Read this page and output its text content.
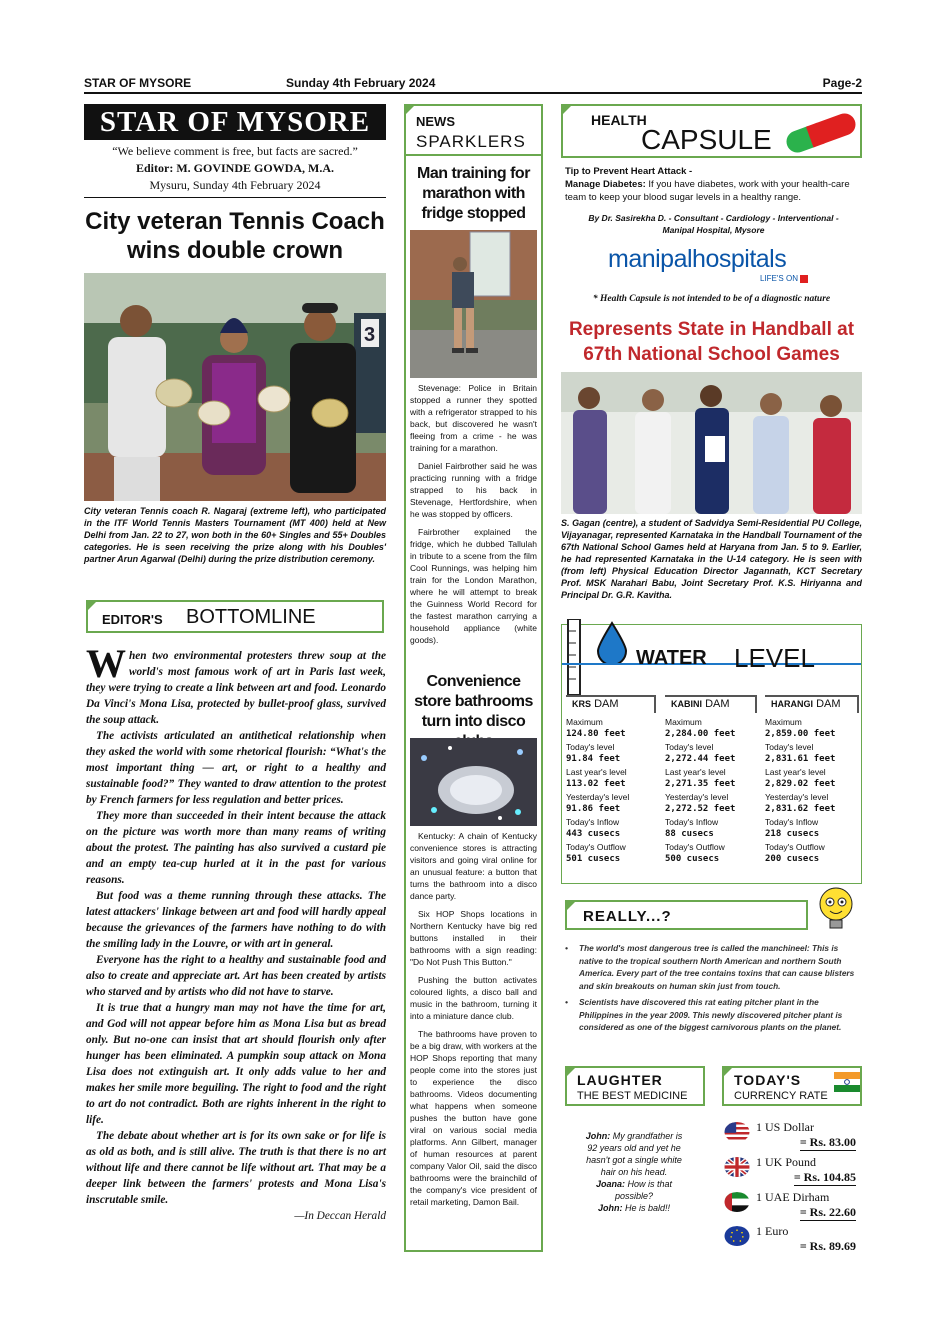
STAR OF MYSORE	Sunday 4th February 2024	Page-2
STAR OF MYSORE
“We believe comment is free, but facts are sacred.”
Editor: M. GOVINDE GOWDA, M.A.
Mysuru, Sunday 4th February 2024
City veteran Tennis Coach
wins double crown
3
City veteran Tennis coach R. Nagaraj (extreme left), who participated in the ITF World Tennis Masters Tournament (MT 400) held at New Delhi from Jan. 22 to 27, won both in the 60+ Singles and 55+ Doubles categories. He is seen receiving the prize along with his Doubles' partner Arun Agarwal (Delhi) during the prize distribution ceremony.
EDITOR'S BOTTOMLINE

When two environmental protesters threw soup at the world's most famous work of art in Paris last week, they were trying to create a link between art and food. Leonardo Da Vinci's Mona Lisa, protected by bullet-proof glass, survived the soup attack.

The activists articulated an antithetical relationship when they asked the world with some rhetorical flourish: “What's the most important thing — art, or right to a healthy and sustainable food?” They wanted to draw attention to the protest by French farmers for less regulation and better prices.

They more than succeeded in their intent because the attack on the picture was worth more than many reams of writing about the protest. The painting has also survived a custard pie and an empty tea-cup hurled at it in the past for various reasons.

But food was a theme running through these attacks. The latest attackers' linkage between art and food will hardly appeal because the grievances of the farmers have nothing to do with the smiling lady in the Louvre, or with art in general.

Everyone has the right to a healthy and sustainable food and also to create and appreciate art. Art has been created by artists who starved and by artists who did not have to starve.

It is true that a hungry man may not have the time for art, and God will not appear before him as Mona Lisa but as bread only. But no-one can insist that art should flourish only after hunger has been eliminated. A pumpkin soup attack on Mona Lisa does not extinguish art. It only adds value to her and makes her smile more beguiling. The right to food and the right to art do not contradict. Both are rights inherent in the right to life.

The debate about whether art is for its own sake or for life is as old as both, and is still alive. The truth is that there is no art without life and there cannot be life without art. That may be a deeper link between the farmers' protests and Mona Lisa's inscrutable smile.

—In Deccan Herald

NEWS
SPARKLERS
Man training for marathon with fridge stopped

Stevenage: Police in Britain stopped a runner they spotted with a refrigerator strapped to his back, but discovered he wasn't fleeing from a crime - he was training for a marathon.

Daniel Fairbrother said he was practicing running with a fridge strapped to his back in Stevenage, Hertfordshire, when he was stopped by officers.

Fairbrother explained the fridge, which he dubbed Tallulah in tribute to a scene from the film Cool Runnings, was helping him train for the London Marathon, where he will attempt to break the Guinness World Record for the fastest marathon carrying a household appliance (white goods).

Convenience store bathrooms turn into disco

Kentucky: A chain of Kentucky convenience stores is attracting visitors and going viral online for an unusual feature: a button that turns the bathroom into a disco dance party.

Six HOP Shops locations in Northern Kentucky have big red buttons installed in their bathrooms with a sign reading: "Do Not Push This Button."

Pushing the button activates coloured lights, a disco ball and music in the bathroom, turning it into a miniature dance club.

The bathrooms have proven to be a big draw, with workers at the HOP Shops reporting that many people come into the stores just to experience the disco bathrooms. Videos documenting what happens when someone pushes the button have gone viral on various social media platforms. Ann Gilbert, manager of human resources at parent company Valor Oil, said the disco bathrooms were the brainchild of the company's vice president of retail marketing, Damon Bail.

HEALTH
CAPSULE
Tip to Prevent Heart Attack -
Manage Diabetes: If you have diabetes, work with your health-care team to keep your blood sugar levels in a healthy range.
By Dr. Sasirekha D. - Consultant - Cardiology - Interventional -
Manipal Hospital, Mysore
manipalhospitals
LIFE'S ON
* Health Capsule is not intended to be of a diagnostic nature
Represents State in Handball at
67th National School Games
S. Gagan (centre), a student of Sadvidya Semi-Residential PU College, Vijayanagar, represented Karnataka in the Handball Tournament of the 67th National School Games held at Haryana from Jan. 5 to 9. Earlier, he had represented Karnataka in the U-14 category. He is seen with (from left) Physical Education Director Jagannath, KCT Secretary Prof. MSK Narahari Babu, Joint Secretary Prof. K.S. Hiriyanna and Principal Dr. G.R. Kavitha.
WATER LEVEL
KRS DAM
Maximum
124.80 feet
Today's level
91.84 feet
Last year's level
113.02 feet
Yesterday's level
91.86 feet
Today's Inflow
443 cusecs
Today's Outflow
501 cusecs
KABINI DAM
Maximum
2,284.00 feet
Today's level
2,272.44 feet
Last year's level
2,271.35 feet
Yesterday's level
2,272.52 feet
Today's Inflow
88 cusecs
Today's Outflow
500 cusecs
HARANGI DAM
Maximum
2,859.00 feet
Today's level
2,831.61 feet
Last year's level
2,829.02 feet
Yesterday's level
2,831.62 feet
Today's Inflow
218 cusecs
Today's Outflow
200 cusecs
REALLY...?
• The world's most dangerous tree is called the manchineel: This is native to the tropical southern North American and northern South America. Every part of the tree contains toxins that can cause blisters and skin breakouts on human skin just from touch.
• Scientists have discovered this rat eating pitcher plant in the Philippines in the year 2009. This newly discovered pitcher plant is considered as one of the biggest carnivorous plants on the planet.
LAUGHTER
THE BEST MEDICINE
John: My grandfather is 92 years old and yet he hasn't got a single white hair on his head.
Joana: How is that possible?
John: He is bald!!
TODAY'S
CURRENCY RATE
1 US Dollar
= Rs. 83.00
1 UK Pound
= Rs. 104.85
1 UAE Dirham
= Rs. 22.60
1 Euro
= Rs. 89.69
